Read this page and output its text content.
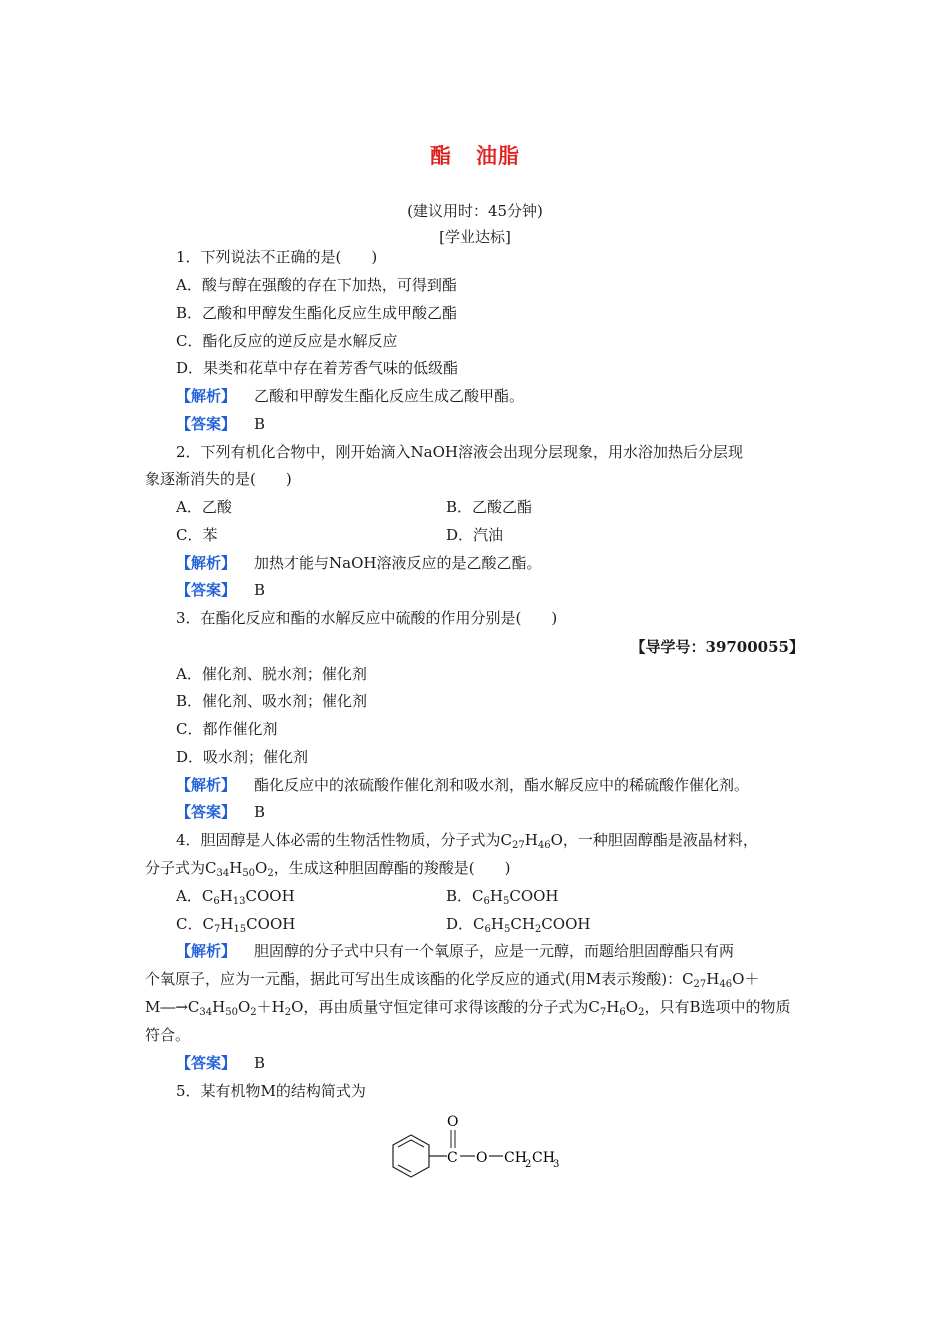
酯 油脂
(建议用时：45分钟)
[学业达标]
1．下列说法不正确的是(　　)
A．酸与醇在强酸的存在下加热，可得到酯
B．乙酸和甲醇发生酯化反应生成甲酸乙酯
C．酯化反应的逆反应是水解反应
D．果类和花草中存在着芳香气味的低级酯
【解析】 乙酸和甲醇发生酯化反应生成乙酸甲酯。
【答案】 B
2．下列有机化合物中，刚开始滴入NaOH溶液会出现分层现象，用水浴加热后分层现
象逐渐消失的是(　　)
A．乙酸	B．乙酸乙酯
C．苯	D．汽油
【解析】 加热才能与NaOH溶液反应的是乙酸乙酯。
【答案】 B
3．在酯化反应和酯的水解反应中硫酸的作用分别是(　　)
【导学号：39700055】
A．催化剂、脱水剂；催化剂
B．催化剂、吸水剂；催化剂
C．都作催化剂
D．吸水剂；催化剂
【解析】 酯化反应中的浓硫酸作催化剂和吸水剂，酯水解反应中的稀硫酸作催化剂。
【答案】 B
4．胆固醇是人体必需的生物活性物质，分子式为$C_{27}H_{46}O$，一种胆固醇酯是液晶材料，
分子式为$C_{34}H_{50}O_2$，生成这种胆固醇酯的羧酸是(　　)
A．$C_6H_{13}COOH$	B．$C_6H_5COOH$
C．$C_7H_{15}COOH$	D．$C_6H_5CH_2COOH$
【解析】 胆固醇的分子式中只有一个氧原子，应是一元醇，而题给胆固醇酯只有两
个氧原子，应为一元酯，据此可写出生成该酯的化学反应的通式(用M表示羧酸)：$C_{27}H_{46}O+$
$M―\to C_{34}H_{50}O_2+H_2O$，再由质量守恒定律可求得该酸的分子式为$C_7H_6O_2$，只有B选项中的物质
符合。
【答案】 B
5．某有机物M的结构简式为
O
C O CH
2 CH
3
